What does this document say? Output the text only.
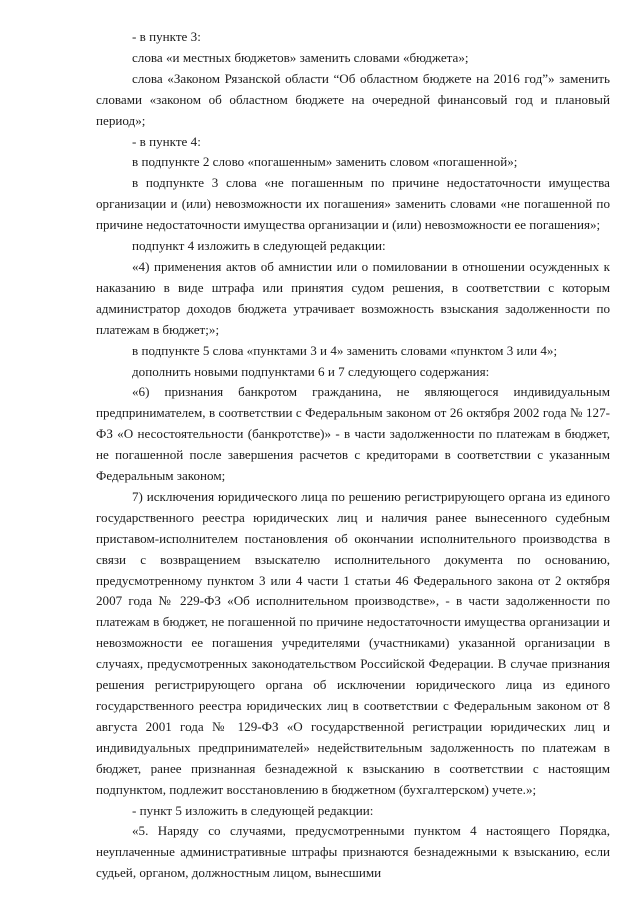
- в пункте 3:

слова «и местных бюджетов» заменить словами «бюджета»;

слова «Законом Рязанской области “Об областном бюджете на 2016 год”» заменить словами «законом об областном бюджете на очередной финансовый год и плановый период»;

- в пункте 4:

в подпункте 2 слово «погашенным» заменить словом «погашенной»;

в подпункте 3 слова «не погашенным по причине недостаточности имущества организации и (или) невозможности их погашения» заменить словами «не погашенной по причине недостаточности имущества организации и (или) невозможности ее погашения»;

подпункт 4 изложить в следующей редакции:

«4) применения актов об амнистии или о помиловании в отношении осужденных к наказанию в виде штрафа или принятия судом решения, в соответствии с которым администратор доходов бюджета утрачивает возможность взыскания задолженности по платежам в бюджет;»;

в подпункте 5 слова «пунктами 3 и 4» заменить словами «пунктом 3 или 4»;

дополнить новыми подпунктами 6 и 7 следующего содержания:

«6) признания банкротом гражданина, не являющегося индивидуальным предпринимателем, в соответствии с Федеральным законом от 26 октября 2002 года № 127-ФЗ «О несостоятельности (банкротстве)» - в части задолженности по платежам в бюджет, не погашенной после завершения расчетов с кредиторами в соответствии с указанным Федеральным законом;

7) исключения юридического лица по решению регистрирующего органа из единого государственного реестра юридических лиц и наличия ранее вынесенного судебным приставом-исполнителем постановления об окончании исполнительного производства в связи с возвращением взыскателю исполнительного документа по основанию, предусмотренному пунктом 3 или 4 части 1 статьи 46 Федерального закона от 2 октября 2007 года № 229-ФЗ «Об исполнительном производстве», - в части задолженности по платежам в бюджет, не погашенной по причине недостаточности имущества организации и невозможности ее погашения учредителями (участниками) указанной организации в случаях, предусмотренных законодательством Российской Федерации. В случае признания решения регистрирующего органа об исключении юридического лица из единого государственного реестра юридических лиц в соответствии с Федеральным законом от 8 августа 2001 года № 129-ФЗ «О государственной регистрации юридических лиц и индивидуальных предпринимателей» недействительным задолженность по платежам в бюджет, ранее признанная безнадежной к взысканию в соответствии с настоящим подпунктом, подлежит восстановлению в бюджетном (бухгалтерском) учете.»;

- пункт 5 изложить в следующей редакции:

«5. Наряду со случаями, предусмотренными пунктом 4 настоящего Порядка, неуплаченные административные штрафы признаются безнадежными к взысканию, если судьей, органом, должностным лицом, вынесшими
